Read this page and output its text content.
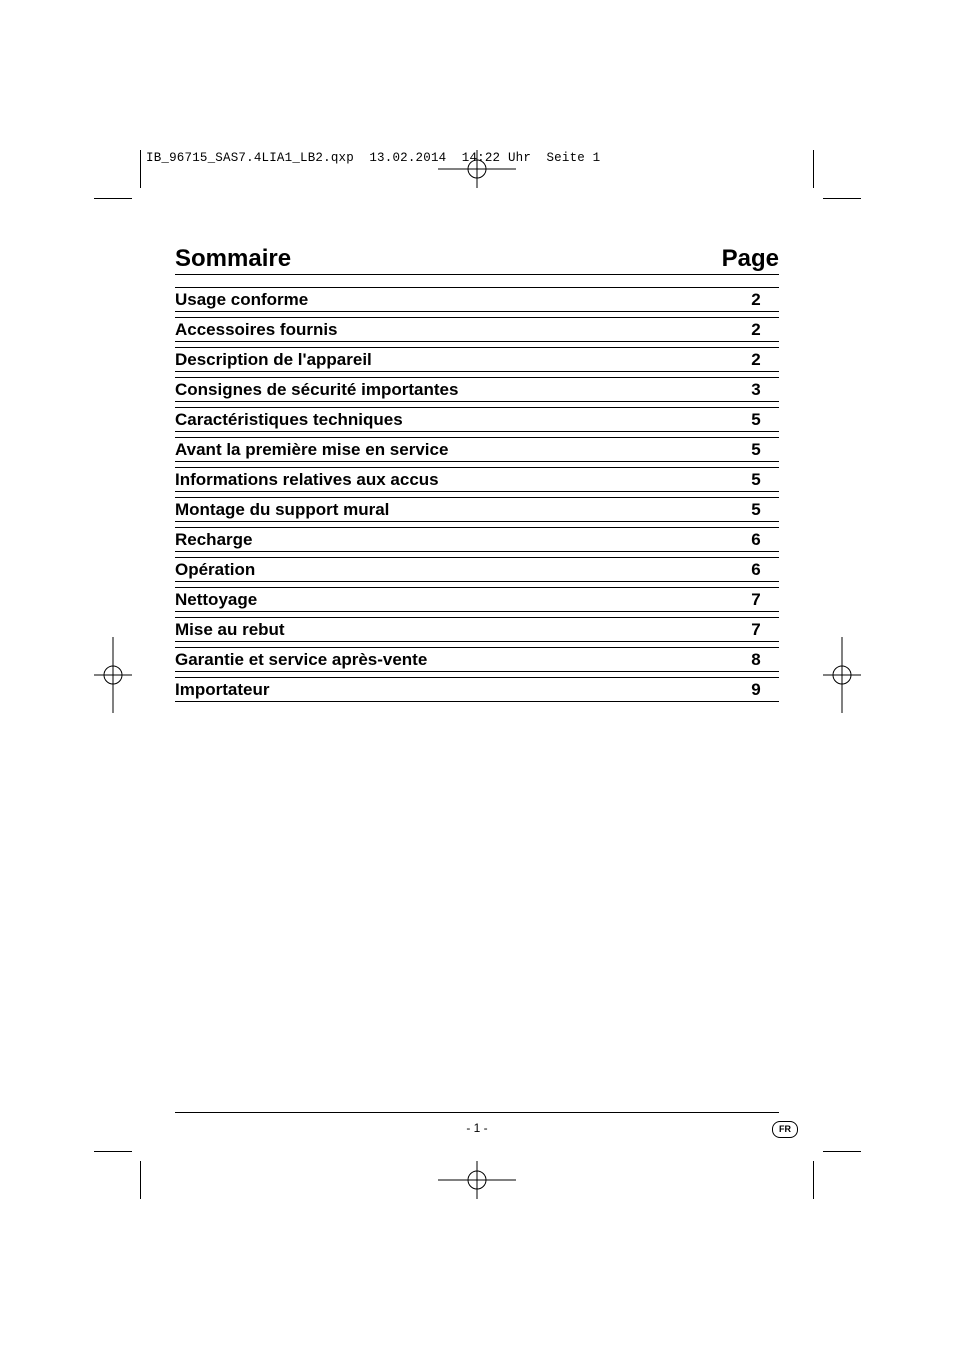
IB_96715_SAS7.4LIA1_LB2.qxp  13.02.2014  14:22 Uhr  Seite 1
Sommaire	Page
Usage conforme	2
Accessoires fournis	2
Description de l'appareil	2
Consignes de sécurité importantes	3
Caractéristiques techniques	5
Avant la première mise en service	5
Informations relatives aux accus	5
Montage du support mural	5
Recharge	6
Opération	6
Nettoyage	7
Mise au rebut	7
Garantie et service après-vente	8
Importateur	9
- 1 -	FR
